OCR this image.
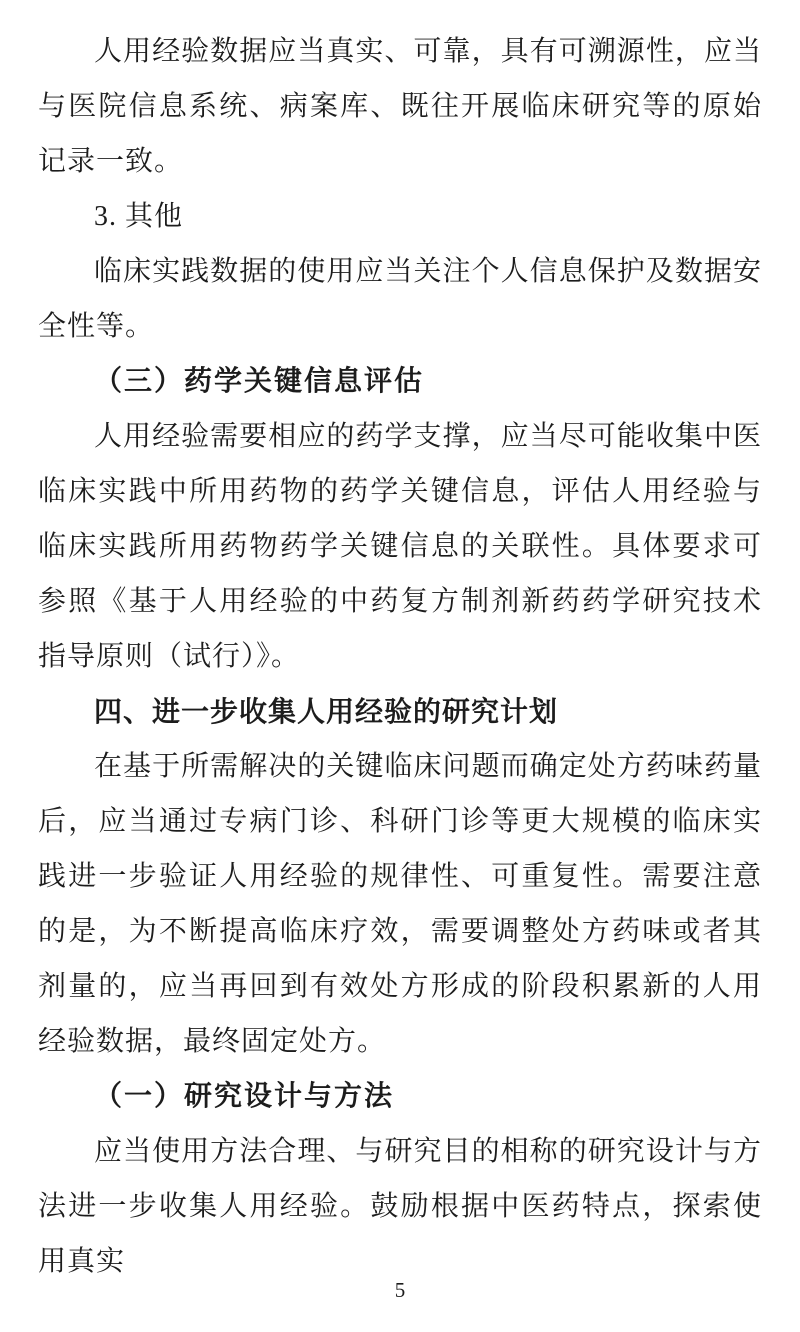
人用经验数据应当真实、可靠，具有可溯源性，应当与医院信息系统、病案库、既往开展临床研究等的原始记录一致。

3. 其他

临床实践数据的使用应当关注个人信息保护及数据安全性等。

（三）药学关键信息评估

人用经验需要相应的药学支撑，应当尽可能收集中医临床实践中所用药物的药学关键信息，评估人用经验与临床实践所用药物药学关键信息的关联性。具体要求可参照《基于人用经验的中药复方制剂新药药学研究技术指导原则（试行）》。

四、进一步收集人用经验的研究计划

在基于所需解决的关键临床问题而确定处方药味药量后，应当通过专病门诊、科研门诊等更大规模的临床实践进一步验证人用经验的规律性、可重复性。需要注意的是，为不断提高临床疗效，需要调整处方药味或者其剂量的，应当再回到有效处方形成的阶段积累新的人用经验数据，最终固定处方。

（一）研究设计与方法

应当使用方法合理、与研究目的相称的研究设计与方法进一步收集人用经验。鼓励根据中医药特点，探索使用真实

5
